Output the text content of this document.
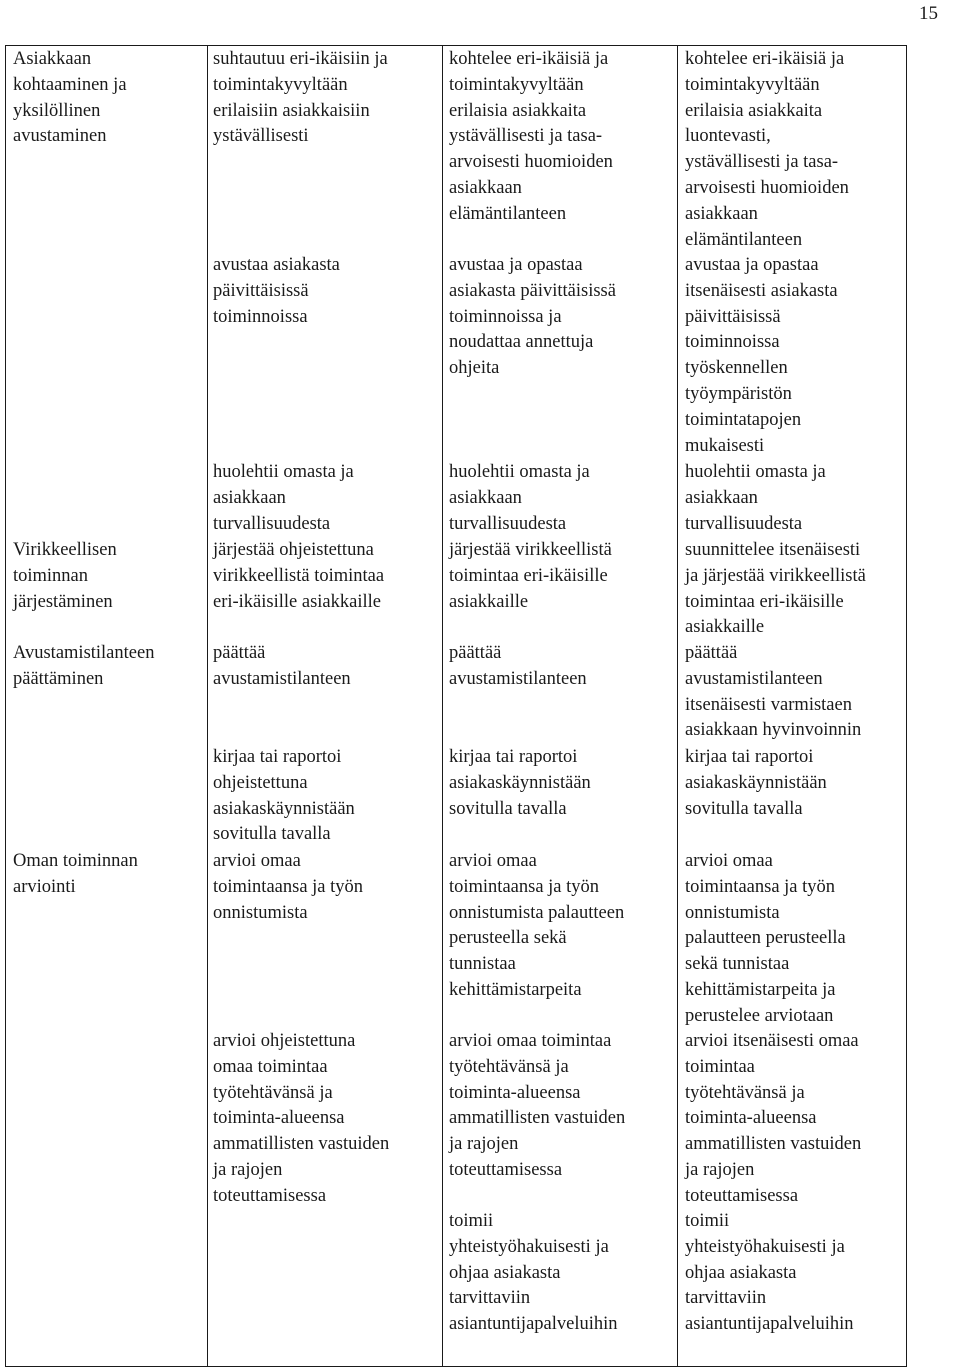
15
Asiakkaan
kohtaaminen ja
yksilöllinen
avustaminen
Virikkeellisen
toiminnan
järjestäminen
Avustamistilanteen
päättäminen
Oman toiminnan
arviointi
suhtautuu eri-ikäisiin ja
toimintakyvyltään
erilaisiin asiakkaisiin
ystävällisesti
avustaa asiakasta
päivittäisissä
toiminnoissa
huolehtii omasta ja
asiakkaan
turvallisuudesta
järjestää ohjeistettuna
virikkeellistä toimintaa
eri-ikäisille asiakkaille
päättää
avustamistilanteen
kirjaa tai raportoi
ohjeistettuna
asiakaskäynnistään
sovitulla tavalla
arvioi omaa
toimintaansa ja työn
onnistumista
arvioi ohjeistettuna
omaa toimintaa
työtehtävänsä ja
toiminta-alueensa
ammatillisten vastuiden
ja rajojen
toteuttamisessa
kohtelee eri-ikäisiä ja
toimintakyvyltään
erilaisia asiakkaita
ystävällisesti ja tasa-
arvoisesti huomioiden
asiakkaan
elämäntilanteen
avustaa ja opastaa
asiakasta päivittäisissä
toiminnoissa ja
noudattaa annettuja
ohjeita
huolehtii omasta ja
asiakkaan
turvallisuudesta
järjestää virikkeellistä
toimintaa eri-ikäisille
asiakkaille
päättää
avustamistilanteen
kirjaa tai raportoi
asiakaskäynnistään
sovitulla tavalla
arvioi omaa
toimintaansa ja työn
onnistumista palautteen
perusteella sekä
tunnistaa
kehittämistarpeita
arvioi omaa toimintaa
työtehtävänsä ja
toiminta-alueensa
ammatillisten vastuiden
ja rajojen
toteuttamisessa
toimii
yhteistyöhakuisesti ja
ohjaa asiakasta
tarvittaviin
asiantuntijapalveluihin
kohtelee eri-ikäisiä ja
toimintakyvyltään
erilaisia asiakkaita
luontevasti,
ystävällisesti ja tasa-
arvoisesti huomioiden
asiakkaan
elämäntilanteen
avustaa ja opastaa
itsenäisesti asiakasta
päivittäisissä
toiminnoissa
työskennellen
työympäristön
toimintatapojen
mukaisesti
huolehtii omasta ja
asiakkaan
turvallisuudesta
suunnittelee itsenäisesti
ja järjestää virikkeellistä
toimintaa eri-ikäisille
asiakkaille
päättää
avustamistilanteen
itsenäisesti varmistaen
asiakkaan hyvinvoinnin
kirjaa tai raportoi
asiakaskäynnistään
sovitulla tavalla
arvioi omaa
toimintaansa ja työn
onnistumista
palautteen perusteella
sekä tunnistaa
kehittämistarpeita ja
perustelee arviotaan
arvioi itsenäisesti omaa
toimintaa
työtehtävänsä ja
toiminta-alueensa
ammatillisten vastuiden
ja rajojen
toteuttamisessa
toimii
yhteistyöhakuisesti ja
ohjaa asiakasta
tarvittaviin
asiantuntijapalveluihin
